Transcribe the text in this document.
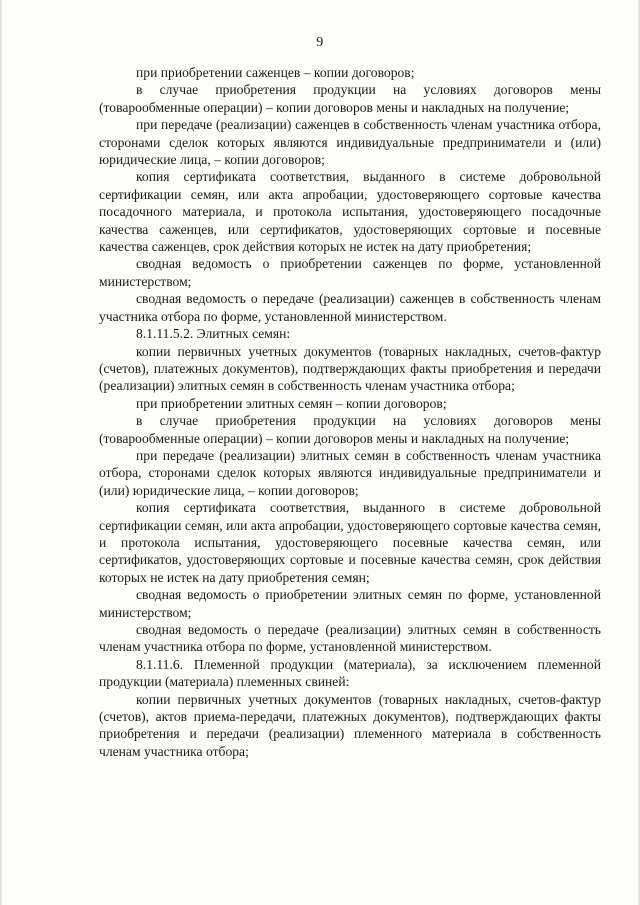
9

при приобретении саженцев – копии договоров;

в случае приобретения продукции на условиях договоров мены (товарообменные операции) – копии договоров мены и накладных на получение;

при передаче (реализации) саженцев в собственность членам участника отбора, сторонами сделок которых являются индивидуальные предприниматели и (или) юридические лица, – копии договоров;

копия сертификата соответствия, выданного в системе добровольной сертификации семян, или акта апробации, удостоверяющего сортовые качества посадочного материала, и протокола испытания, удостоверяющего посадочные качества саженцев, или сертификатов, удостоверяющих сортовые и посевные качества саженцев, срок действия которых не истек на дату приобретения;

сводная ведомость о приобретении саженцев по форме, установленной министерством;

сводная ведомость о передаче (реализации) саженцев в собственность членам участника отбора по форме, установленной министерством.

8.1.11.5.2. Элитных семян:

копии первичных учетных документов (товарных накладных, счетов-фактур (счетов), платежных документов), подтверждающих факты приобретения и передачи (реализации) элитных семян в собственность членам участника отбора;

при приобретении элитных семян – копии договоров;

в случае приобретения продукции на условиях договоров мены (товарообменные операции) – копии договоров мены и накладных на получение;

при передаче (реализации) элитных семян в собственность членам участника отбора, сторонами сделок которых являются индивидуальные предприниматели и (или) юридические лица, – копии договоров;

копия сертификата соответствия, выданного в системе добровольной сертификации семян, или акта апробации, удостоверяющего сортовые качества семян, и протокола испытания, удостоверяющего посевные качества семян, или сертификатов, удостоверяющих сортовые и посевные качества семян, срок действия которых не истек на дату приобретения семян;

сводная ведомость о приобретении элитных семян по форме, установленной министерством;

сводная ведомость о передаче (реализации) элитных семян в собственность членам участника отбора по форме, установленной министерством.

8.1.11.6. Племенной продукции (материала), за исключением племенной продукции (материала) племенных свиней:

копии первичных учетных документов (товарных накладных, счетов-фактур (счетов), актов приема-передачи, платежных документов), подтверждающих факты приобретения и передачи (реализации) племенного материала в собственность членам участника отбора;
